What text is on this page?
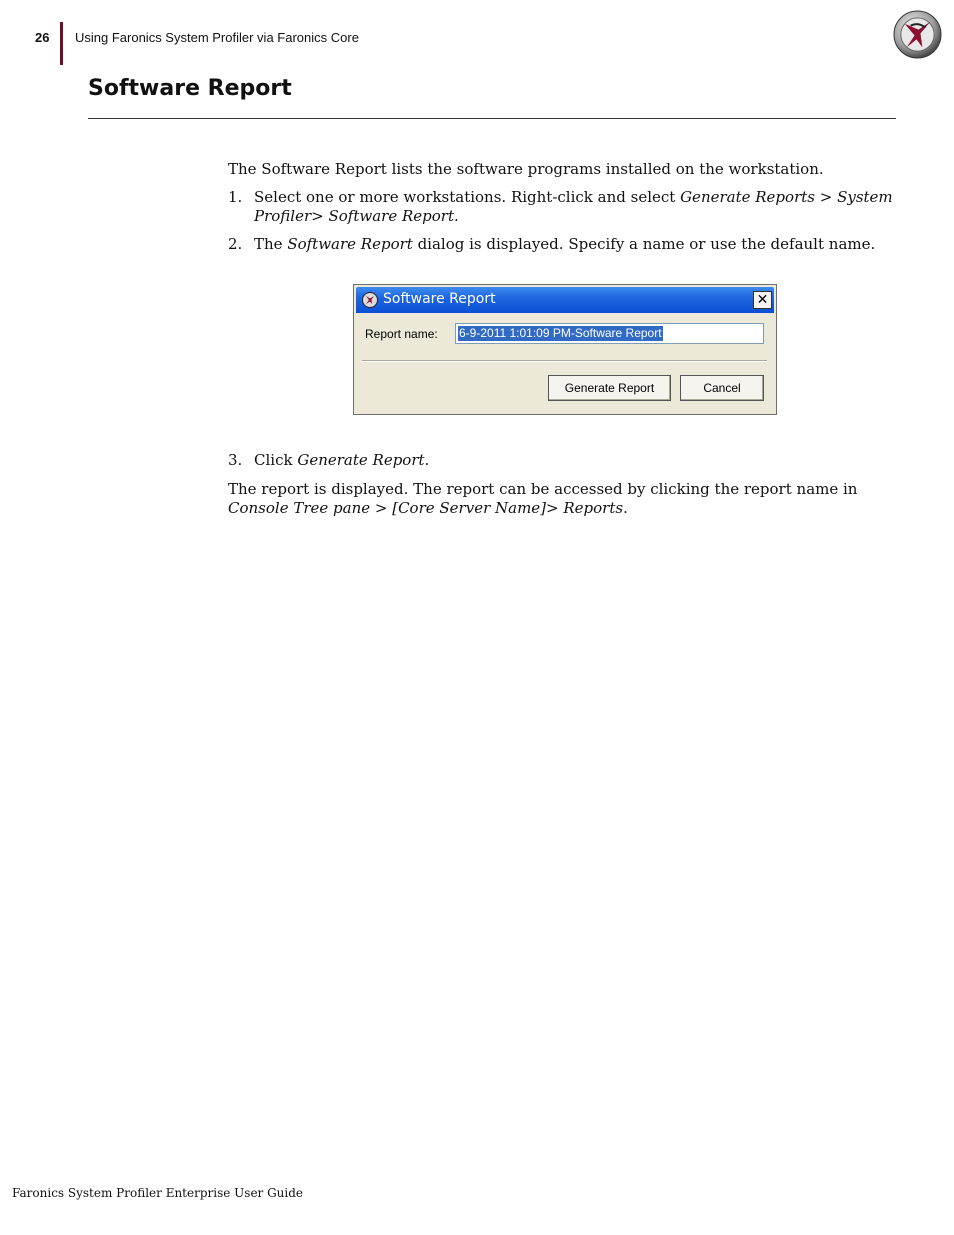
26 Using Faronics System Profiler via Faronics Core
Software Report
The Software Report lists the software programs installed on the workstation.
1. Select one or more workstations. Right-click and select Generate Reports > System Profiler> Software Report.
2. The Software Report dialog is displayed. Specify a name or use the default name.
Software Report	✕
Report name: 6-9-2011 1:01:09 PM-Software Report
Generate Report	Cancel
3. Click Generate Report.
The report is displayed. The report can be accessed by clicking the report name in Console Tree pane > [Core Server Name]> Reports.
Faronics System Profiler Enterprise User Guide
